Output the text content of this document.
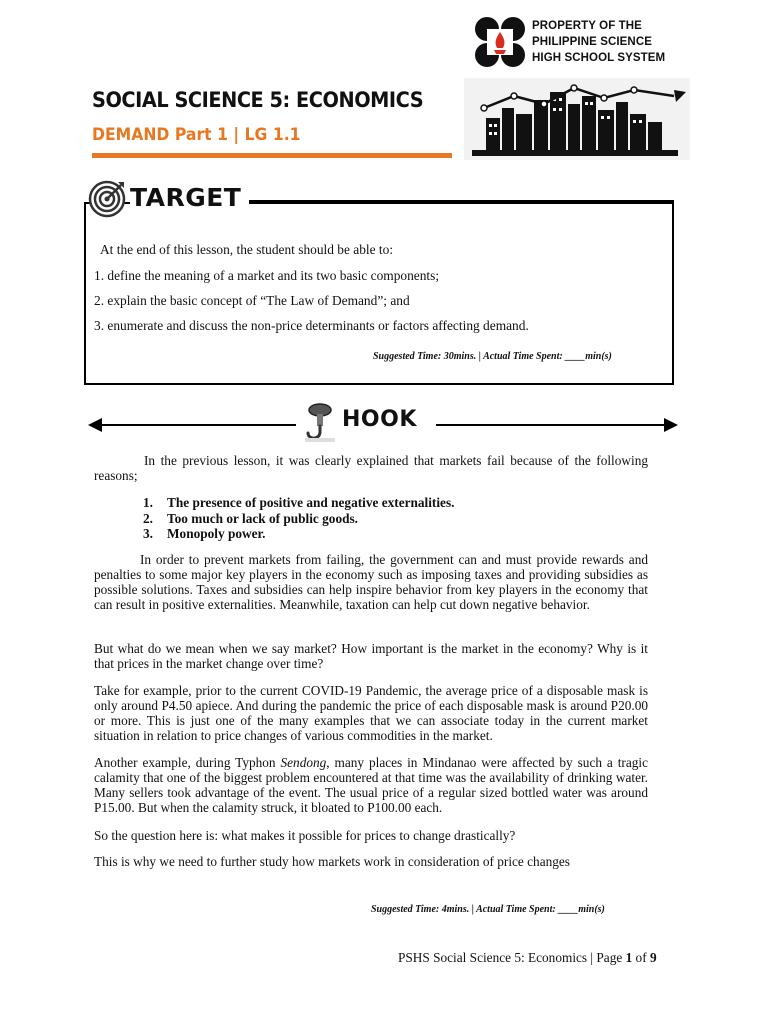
PROPERTY OF THE
PHILIPPINE SCIENCE
HIGH SCHOOL SYSTEM
SOCIAL SCIENCE 5: ECONOMICS
DEMAND Part 1 | LG 1.1
TARGET
At the end of this lesson, the student should be able to:
1. define the meaning of a market and its two basic components;
2. explain the basic concept of “The Law of Demand”; and
3. enumerate and discuss the non-price determinants or factors affecting demand.
Suggested Time: 30mins. | Actual Time Spent: ____min(s)
HOOK

In the previous lesson, it was clearly explained that markets fail because of the following reasons;

1. The presence of positive and negative externalities.
2. Too much or lack of public goods.
3. Monopoly power.

In order to prevent markets from failing, the government can and must provide rewards and penalties to some major key players in the economy such as imposing taxes and providing subsidies as possible solutions. Taxes and subsidies can help inspire behavior from key players in the economy that can result in positive externalities. Meanwhile, taxation can help cut down negative behavior.

But what do we mean when we say market? How important is the market in the economy? Why is it that prices in the market change over time?

Take for example, prior to the current COVID-19 Pandemic, the average price of a disposable mask is only around P4.50 apiece. And during the pandemic the price of each disposable mask is around P20.00 or more. This is just one of the many examples that we can associate today in the current market situation in relation to price changes of various commodities in the market.

Another example, during Typhon Sendong, many places in Mindanao were affected by such a tragic calamity that one of the biggest problem encountered at that time was the availability of drinking water. Many sellers took advantage of the event. The usual price of a regular sized bottled water was around P15.00. But when the calamity struck, it bloated to P100.00 each.

So the question here is: what makes it possible for prices to change drastically?

This is why we need to further study how markets work in consideration of price changes

Suggested Time: 4mins. | Actual Time Spent: ____min(s)
PSHS Social Science 5: Economics | Page 1 of 9
